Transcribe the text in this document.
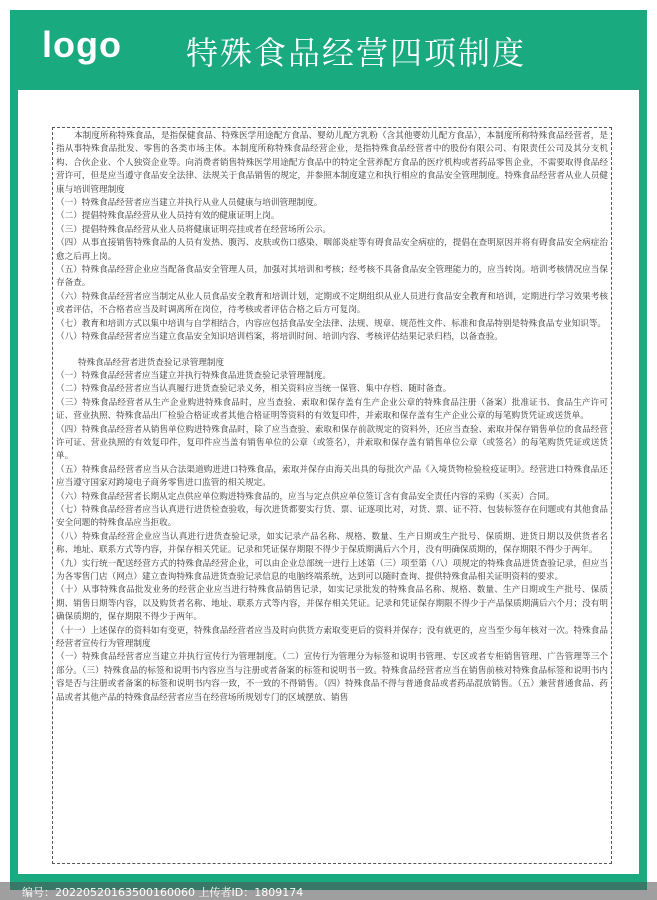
logo 特殊食品经营四项制度

本制度所称特殊食品，是指保健食品、特殊医学用途配方食品、婴幼儿配方乳粉（含其他婴幼儿配方食品），本制度所称特殊食品经营者，是指从事特殊食品批发、零售的各类市场主体。本制度所称特殊食品经营企业，是指特殊食品经营者中的股份有限公司、有限责任公司及其分支机构、合伙企业、个人独资企业等。向消费者销售特殊医学用途配方食品中的特定全营养配方食品的医疗机构或者药品零售企业，不需要取得食品经营许可，但是应当遵守食品安全法律、法规关于食品销售的规定，并参照本制度建立和执行相应的食品安全管理制度。特殊食品经营者从业人员健康与培训管理制度

（一）特殊食品经营者应当建立并执行从业人员健康与培训管理制度。

（二）提倡特殊食品经营从业人员持有效的健康证明上岗。

（三）提倡特殊食品经营从业人员将健康证明亮挂或者在经营场所公示。

（四）从事直接销售特殊食品的人员有发热、腹泻、皮肤或伤口感染、咽部炎症等有碍食品安全病症的，提倡在查明原因并将有碍食品安全病症治愈之后再上岗。

（五）特殊食品经营企业应当配备食品安全管理人员，加强对其培训和考核；经考核不具备食品安全管理能力的，应当转岗。培训考核情况应当保存备查。

（六）特殊食品经营者应当制定从业人员食品安全教育和培训计划，定期或不定期组织从业人员进行食品安全教育和培训，定期进行学习效果考核或者评估，不合格者应当及时调离所在岗位，待考核或者评估合格之后方可复岗。

（七）教育和培训方式以集中培训与自学相结合，内容应包括食品安全法律、法规、规章、规范性文件、标准和食品特别是特殊食品专业知识等。

（八）特殊食品经营者应当建立食品安全知识培训档案，将培训时间、培训内容、考核评估结果记录归档，以备查验。

特殊食品经营者进货查验记录管理制度

（一）特殊食品经营者应当建立并执行特殊食品进货查验记录管理制度。

（二）特殊食品经营者应当认真履行进货查验记录义务，相关资料应当统一保管、集中存档、随时备查。

（三）特殊食品经营者从生产企业购进特殊食品时，应当查验、索取和保存盖有生产企业公章的特殊食品注册（备案）批准证书、食品生产许可证、营业执照、特殊食品出厂检验合格证或者其他合格证明等资料的有效复印件，并索取和保存盖有生产企业公章的每笔购货凭证或送货单。

（四）特殊食品经营者从销售单位购进特殊食品时，除了应当查验、索取和保存前款规定的资料外，还应当查验、索取并保存销售单位的食品经营许可证、营业执照的有效复印件，复印件应当盖有销售单位的公章（或签名），并索取和保存盖有销售单位公章（或签名）的每笔购货凭证或送货单。

（五）特殊食品经营者应当从合法渠道购进进口特殊食品，索取并保存由海关出具的每批次产品《入境货物检验检疫证明》。经营进口特殊食品还应当遵守国家对跨境电子商务零售进口监管的相关规定。

（六）特殊食品经营者长期从定点供应单位购进特殊食品的，应当与定点供应单位签订含有食品安全责任内容的采购（买卖）合同。

（七）特殊食品经营者应当认真进行进货检查验收，每次进货都要实行货、票、证逐项比对，对货、票、证不符、包装标签存在问题或有其他食品安全问题的特殊食品应当拒收。

（八）特殊食品经营企业应当认真进行进货查验记录，如实记录产品名称、规格、数量、生产日期或生产批号、保质期、进货日期以及供货者名称、地址、联系方式等内容，并保存相关凭证。记录和凭证保存期限不得少于保质期满后六个月，没有明确保质期的，保存期限不得少于两年。

（九）实行统一配送经营方式的特殊食品经营企业，可以由企业总部统一进行上述第（三）项至第（八）项规定的特殊食品进货查验记录，但应当为各零售门店（网点）建立查询特殊食品进货查验记录信息的电脑终端系统，达到可以随时查询、提供特殊食品相关证明资料的要求。

（十）从事特殊食品批发业务的经营企业应当进行特殊食品销售记录，如实记录批发的特殊食品名称、规格、数量、生产日期或生产批号、保质期、销售日期等内容，以及购货者名称、地址、联系方式等内容，并保存相关凭证。记录和凭证保存期限不得少于产品保质期满后六个月；没有明确保质期的，保存期限不得少于两年。

（十一）上述保存的资料如有变更，特殊食品经营者应当及时向供货方索取变更后的资料并保存；没有就更的，应当至少每年核对一次。特殊食品经营者宣传行为管理制度

（一）特殊食品经营者应当建立并执行宣传行为管理制度。（二）宣传行为管理分为标签和说明书管理、专区或者专柜销售管理、广告管理等三个部分。（三）特殊食品的标签和说明书内容应当与注册或者备案的标签和说明书一致。特殊食品经营者应当在销售前核对特殊食品标签和说明书内容是否与注册或者备案的标签和说明书内容一致，不一致的不得销售。（四）特殊食品不得与普通食品或者药品混放销售。（五）兼营普通食品、药品或者其他产品的特殊食品经营者应当在经营场所规划专门的区域摆放、销售

编号：20220520163500160060 上传者ID：1809174
